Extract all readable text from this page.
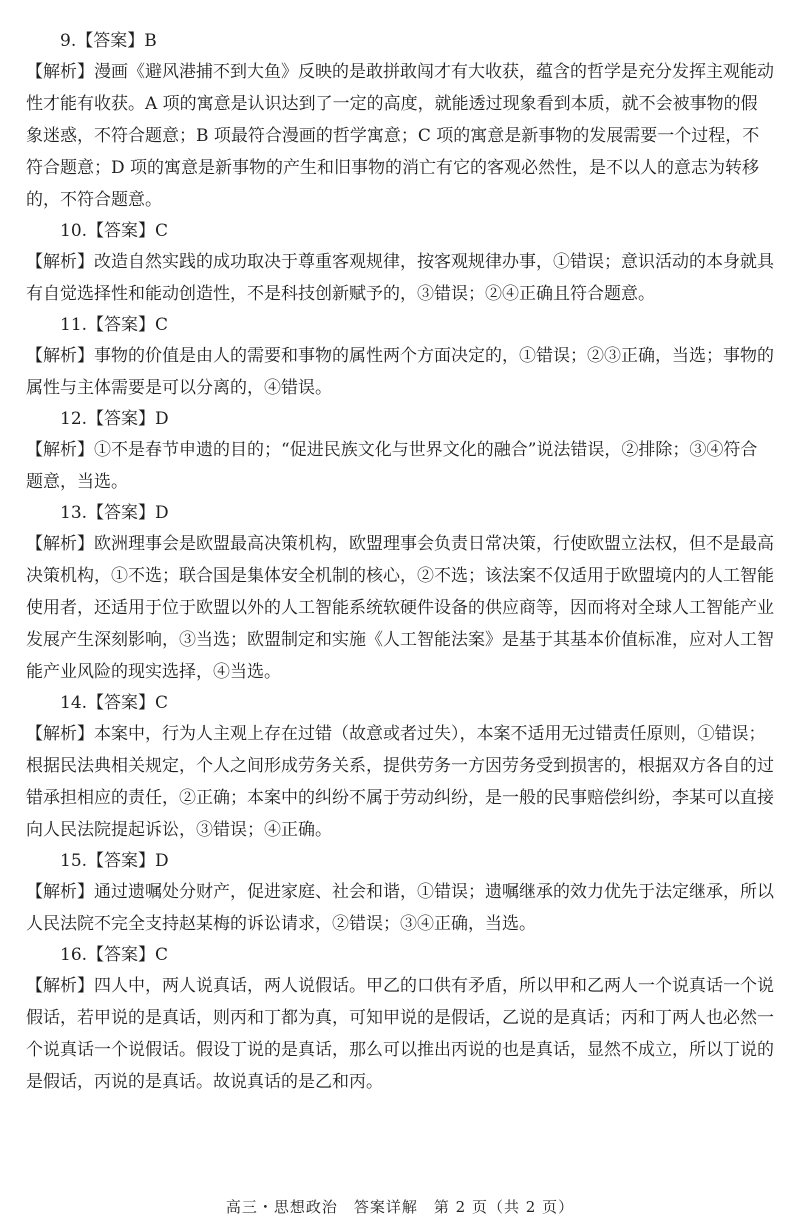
9.【答案】B

【解析】漫画《避风港捕不到大鱼》反映的是敢拼敢闯才有大收获，蕴含的哲学是充分发挥主观能动性才能有收获。A 项的寓意是认识达到了一定的高度，就能透过现象看到本质，就不会被事物的假象迷惑，不符合题意；B 项最符合漫画的哲学寓意；C 项的寓意是新事物的发展需要一个过程，不符合题意；D 项的寓意是新事物的产生和旧事物的消亡有它的客观必然性，是不以人的意志为转移的，不符合题意。

10.【答案】C

【解析】改造自然实践的成功取决于尊重客观规律，按客观规律办事，①错误；意识活动的本身就具有自觉选择性和能动创造性，不是科技创新赋予的，③错误；②④正确且符合题意。

11.【答案】C

【解析】事物的价值是由人的需要和事物的属性两个方面决定的，①错误；②③正确，当选；事物的属性与主体需要是可以分离的，④错误。

12.【答案】D

【解析】①不是春节申遗的目的；“促进民族文化与世界文化的融合”说法错误，②排除；③④符合题意，当选。

13.【答案】D

【解析】欧洲理事会是欧盟最高决策机构，欧盟理事会负责日常决策，行使欧盟立法权，但不是最高决策机构，①不选；联合国是集体安全机制的核心，②不选；该法案不仅适用于欧盟境内的人工智能使用者，还适用于位于欧盟以外的人工智能系统软硬件设备的供应商等，因而将对全球人工智能产业发展产生深刻影响，③当选；欧盟制定和实施《人工智能法案》是基于其基本价值标准，应对人工智能产业风险的现实选择，④当选。

14.【答案】C

【解析】本案中，行为人主观上存在过错（故意或者过失），本案不适用无过错责任原则，①错误；根据民法典相关规定，个人之间形成劳务关系，提供劳务一方因劳务受到损害的，根据双方各自的过错承担相应的责任，②正确；本案中的纠纷不属于劳动纠纷，是一般的民事赔偿纠纷，李某可以直接向人民法院提起诉讼，③错误；④正确。

15.【答案】D

【解析】通过遗嘱处分财产，促进家庭、社会和谐，①错误；遗嘱继承的效力优先于法定继承，所以人民法院不完全支持赵某梅的诉讼请求，②错误；③④正确，当选。

16.【答案】C

【解析】四人中，两人说真话，两人说假话。甲乙的口供有矛盾，所以甲和乙两人一个说真话一个说假话，若甲说的是真话，则丙和丁都为真，可知甲说的是假话，乙说的是真话；丙和丁两人也必然一个说真话一个说假话。假设丁说的是真话，那么可以推出丙说的也是真话，显然不成立，所以丁说的是假话，丙说的是真话。故说真话的是乙和丙。

高三・思想政治　答案详解　第 2 页（共 2 页）
